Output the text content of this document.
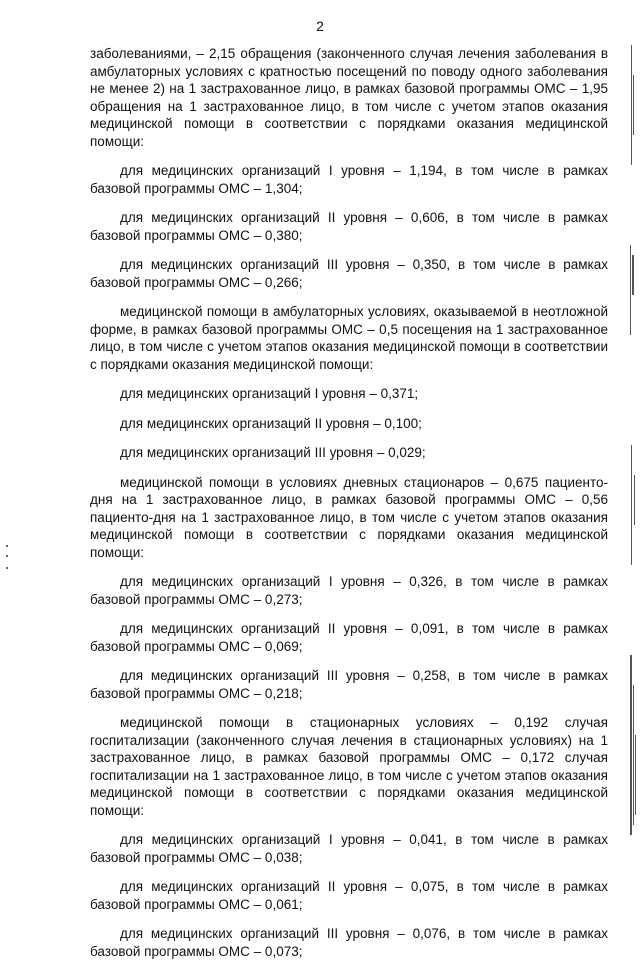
2

заболеваниями, – 2,15 обращения (законченного случая лечения заболевания в амбулаторных условиях с кратностью посещений по поводу одного заболевания не менее 2) на 1 застрахованное лицо, в рамках базовой программы ОМС – 1,95 обращения на 1 застрахованное лицо, в том числе с учетом этапов оказания медицинской помощи в соответствии с порядками оказания медицинской помощи:

для медицинских организаций I уровня – 1,194, в том числе в рамках базовой программы ОМС – 1,304;

для медицинских организаций II уровня – 0,606, в том числе в рамках базовой программы ОМС – 0,380;

для медицинских организаций III уровня – 0,350, в том числе в рамках базовой программы ОМС – 0,266;

медицинской помощи в амбулаторных условиях, оказываемой в неотложной форме, в рамках базовой программы ОМС – 0,5 посещения на 1 застрахованное лицо, в том числе с учетом этапов оказания медицинской помощи в соответствии с порядками оказания медицинской помощи:

для медицинских организаций I уровня – 0,371;

для медицинских организаций II уровня – 0,100;

для медицинских организаций III уровня – 0,029;

медицинской помощи в условиях дневных стационаров – 0,675 пациенто-дня на 1 застрахованное лицо, в рамках базовой программы ОМС – 0,56 пациенто-дня на 1 застрахованное лицо, в том числе с учетом этапов оказания медицинской помощи в соответствии с порядками оказания медицинской помощи:

для медицинских организаций I уровня – 0,326, в том числе в рамках базовой программы ОМС – 0,273;

для медицинских организаций II уровня – 0,091, в том числе в рамках базовой программы ОМС – 0,069;

для медицинских организаций III уровня – 0,258, в том числе в рамках базовой программы ОМС – 0,218;

медицинской помощи в стационарных условиях – 0,192 случая госпитализации (законченного случая лечения в стационарных условиях) на 1 застрахованное лицо, в рамках базовой программы ОМС – 0,172 случая госпитализации на 1 застрахованное лицо, в том числе с учетом этапов оказания медицинской помощи в соответствии с порядками оказания медицинской помощи:

для медицинских организаций I уровня – 0,041, в том числе в рамках базовой программы ОМС – 0,038;

для медицинских организаций II уровня – 0,075, в том числе в рамках базовой программы ОМС – 0,061;

для медицинских организаций III уровня – 0,076, в том числе в рамках базовой программы ОМС – 0,073;
